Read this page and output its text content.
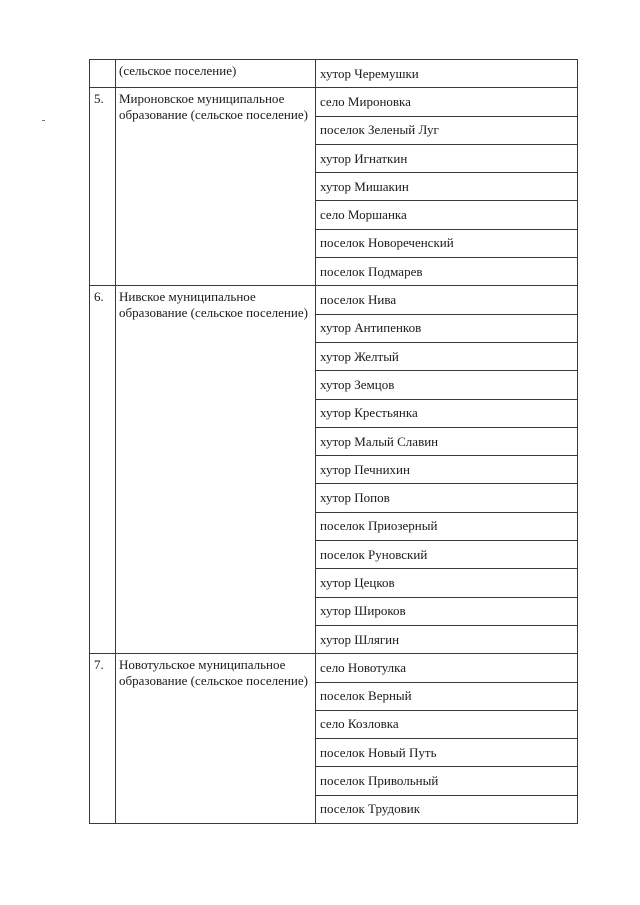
	(сельское поселение)	хутор Черемушки
5.	Мироновское муниципальное образование (сельское поселение)	село Мироновка
		поселок Зеленый Луг
		хутор Игнаткин
		хутор Мишакин
		село Моршанка
		поселок Новореченский
		поселок Подмарев
6.	Нивское муниципальное образование (сельское поселение)	поселок Нива
		хутор Антипенков
		хутор Желтый
		хутор Земцов
		хутор Крестьянка
		хутор Малый Славин
		хутор Печнихин
		хутор Попов
		поселок Приозерный
		поселок Руновский
		хутор Цецков
		хутор Широков
		хутор Шлягин
7.	Новотульское муниципальное образование (сельское поселение)	село Новотулка
		поселок Верный
		село Козловка
		поселок Новый Путь
		поселок Привольный
		поселок Трудовик
